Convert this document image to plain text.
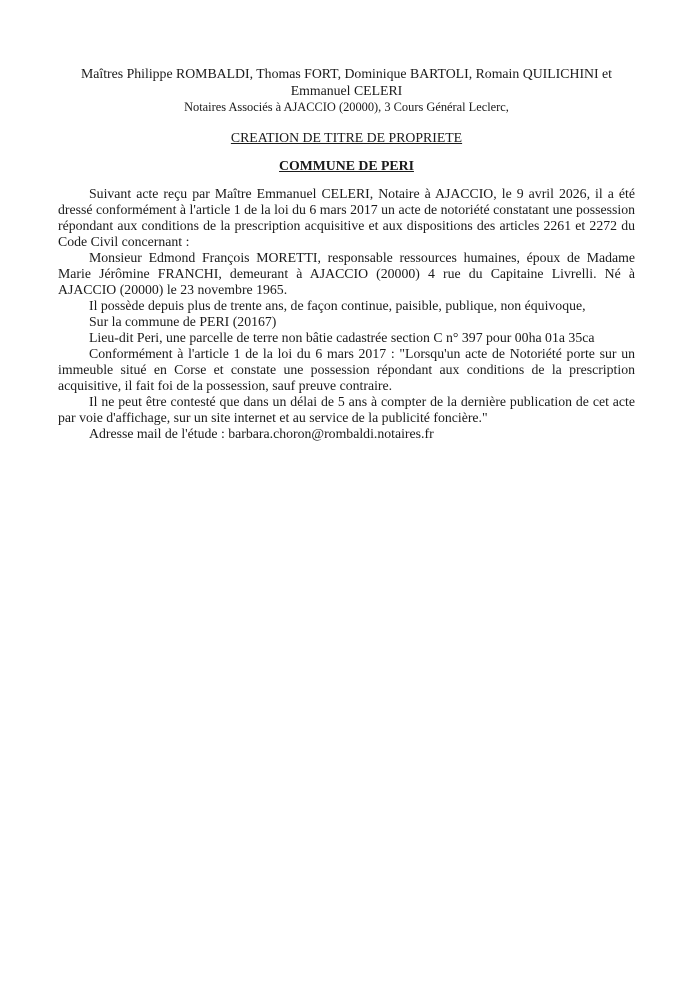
Maîtres Philippe ROMBALDI, Thomas FORT, Dominique BARTOLI, Romain QUILICHINI et

Emmanuel CELERI

Notaires Associés à AJACCIO (20000), 3 Cours Général Leclerc,

CREATION DE TITRE DE PROPRIETE
COMMUNE DE PERI

Suivant acte reçu par Maître Emmanuel CELERI, Notaire à AJACCIO, le 9 avril 2026, il a été dressé conformément à l'article 1 de la loi du 6 mars 2017 un acte de notoriété constatant une possession répondant aux conditions de la prescription acquisitive et aux dispositions des articles 2261 et 2272 du Code Civil concernant :

Monsieur Edmond François MORETTI, responsable ressources humaines, époux de Madame Marie Jérômine FRANCHI, demeurant à AJACCIO (20000) 4 rue du Capitaine Livrelli. Né à AJACCIO (20000) le 23 novembre 1965.

Il possède depuis plus de trente ans, de façon continue, paisible, publique, non équivoque,

Sur la commune de PERI (20167)

Lieu-dit Peri, une parcelle de terre non bâtie cadastrée section C n° 397 pour 00ha 01a 35ca

Conformément à l'article 1 de la loi du 6 mars 2017 : "Lorsqu'un acte de Notoriété porte sur un immeuble situé en Corse et constate une possession répondant aux conditions de la prescription acquisitive, il fait foi de la possession, sauf preuve contraire.

Il ne peut être contesté que dans un délai de 5 ans à compter de la dernière publication de cet acte par voie d'affichage, sur un site internet et au service de la publicité foncière."

Adresse mail de l'étude : barbara.choron@rombaldi.notaires.fr
